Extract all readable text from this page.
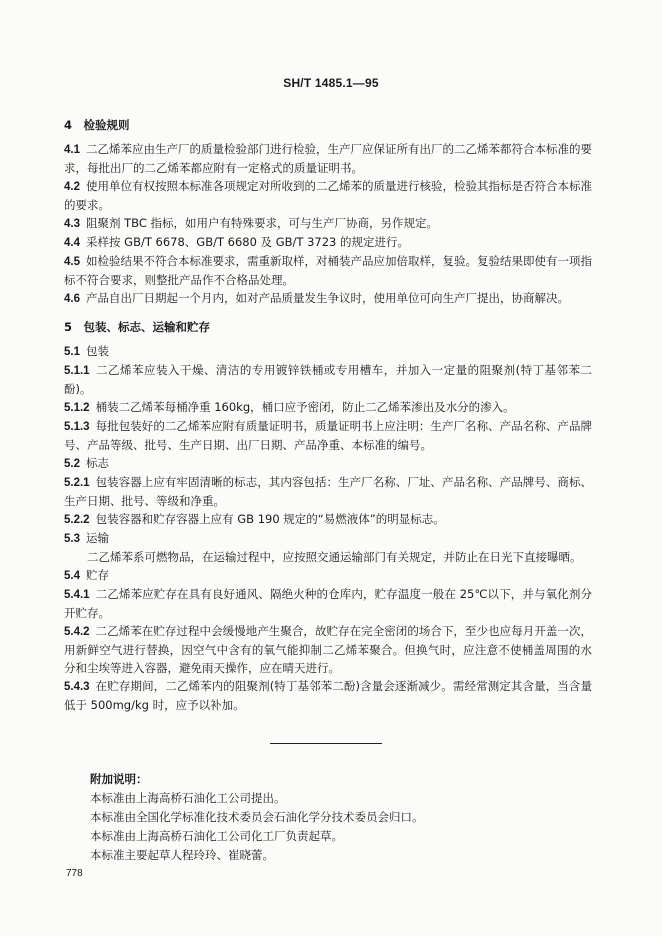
SH/T 1485.1—95
4　检验规则
4.1 二乙烯苯应由生产厂的质量检验部门进行检验，生产厂应保证所有出厂的二乙烯苯都符合本标准的要求，每批出厂的二乙烯苯都应附有一定格式的质量证明书。
4.2 使用单位有权按照本标准各项规定对所收到的二乙烯苯的质量进行核验，检验其指标是否符合本标准的要求。
4.3 阻聚剂 TBC 指标，如用户有特殊要求，可与生产厂协商，另作规定。
4.4 采样按 GB/T 6678、GB/T 6680 及 GB/T 3723 的规定进行。
4.5 如检验结果不符合本标准要求，需重新取样，对桶装产品应加倍取样，复验。复验结果即使有一项指标不符合要求，则整批产品作不合格品处理。
4.6 产品自出厂日期起一个月内，如对产品质量发生争议时，使用单位可向生产厂提出，协商解决。
5　包装、标志、运输和贮存
5.1 包装
5.1.1 二乙烯苯应装入干燥、清洁的专用镀锌铁桶或专用槽车，并加入一定量的阻聚剂(特丁基邻苯二酚)。
5.1.2 桶装二乙烯苯每桶净重 160kg，桶口应予密闭，防止二乙烯苯渗出及水分的渗入。
5.1.3 每批包装好的二乙烯苯应附有质量证明书，质量证明书上应注明：生产厂名称、产品名称、产品牌号、产品等级、批号、生产日期、出厂日期、产品净重、本标准的编号。
5.2 标志
5.2.1 包装容器上应有牢固清晰的标志，其内容包括：生产厂名称、厂址、产品名称、产品牌号、商标、生产日期、批号、等级和净重。
5.2.2 包装容器和贮存容器上应有 GB 190 规定的“易燃液体”的明显标志。
5.3 运输
二乙烯苯系可燃物品，在运输过程中，应按照交通运输部门有关规定，并防止在日光下直接曝晒。
5.4 贮存
5.4.1 二乙烯苯应贮存在具有良好通风、隔绝火种的仓库内，贮存温度一般在 25℃以下，并与氧化剂分开贮存。
5.4.2 二乙烯苯在贮存过程中会缓慢地产生聚合，故贮存在完全密闭的场合下，至少也应每月开盖一次，用新鲜空气进行替换，因空气中含有的氧气能抑制二乙烯苯聚合。但换气时，应注意不使桶盖周围的水分和尘埃等进入容器，避免雨天操作，应在晴天进行。
5.4.3 在贮存期间，二乙烯苯内的阻聚剂(特丁基邻苯二酚)含量会逐渐减少。需经常测定其含量，当含量低于 500mg/kg 时，应予以补加。
附加说明：
本标准由上海高桥石油化工公司提出。
本标准由全国化学标准化技术委员会石油化学分技术委员会归口。
本标准由上海高桥石油化工公司化工厂负责起草。
本标准主要起草人程玲玲、崔晓蕾。
778
